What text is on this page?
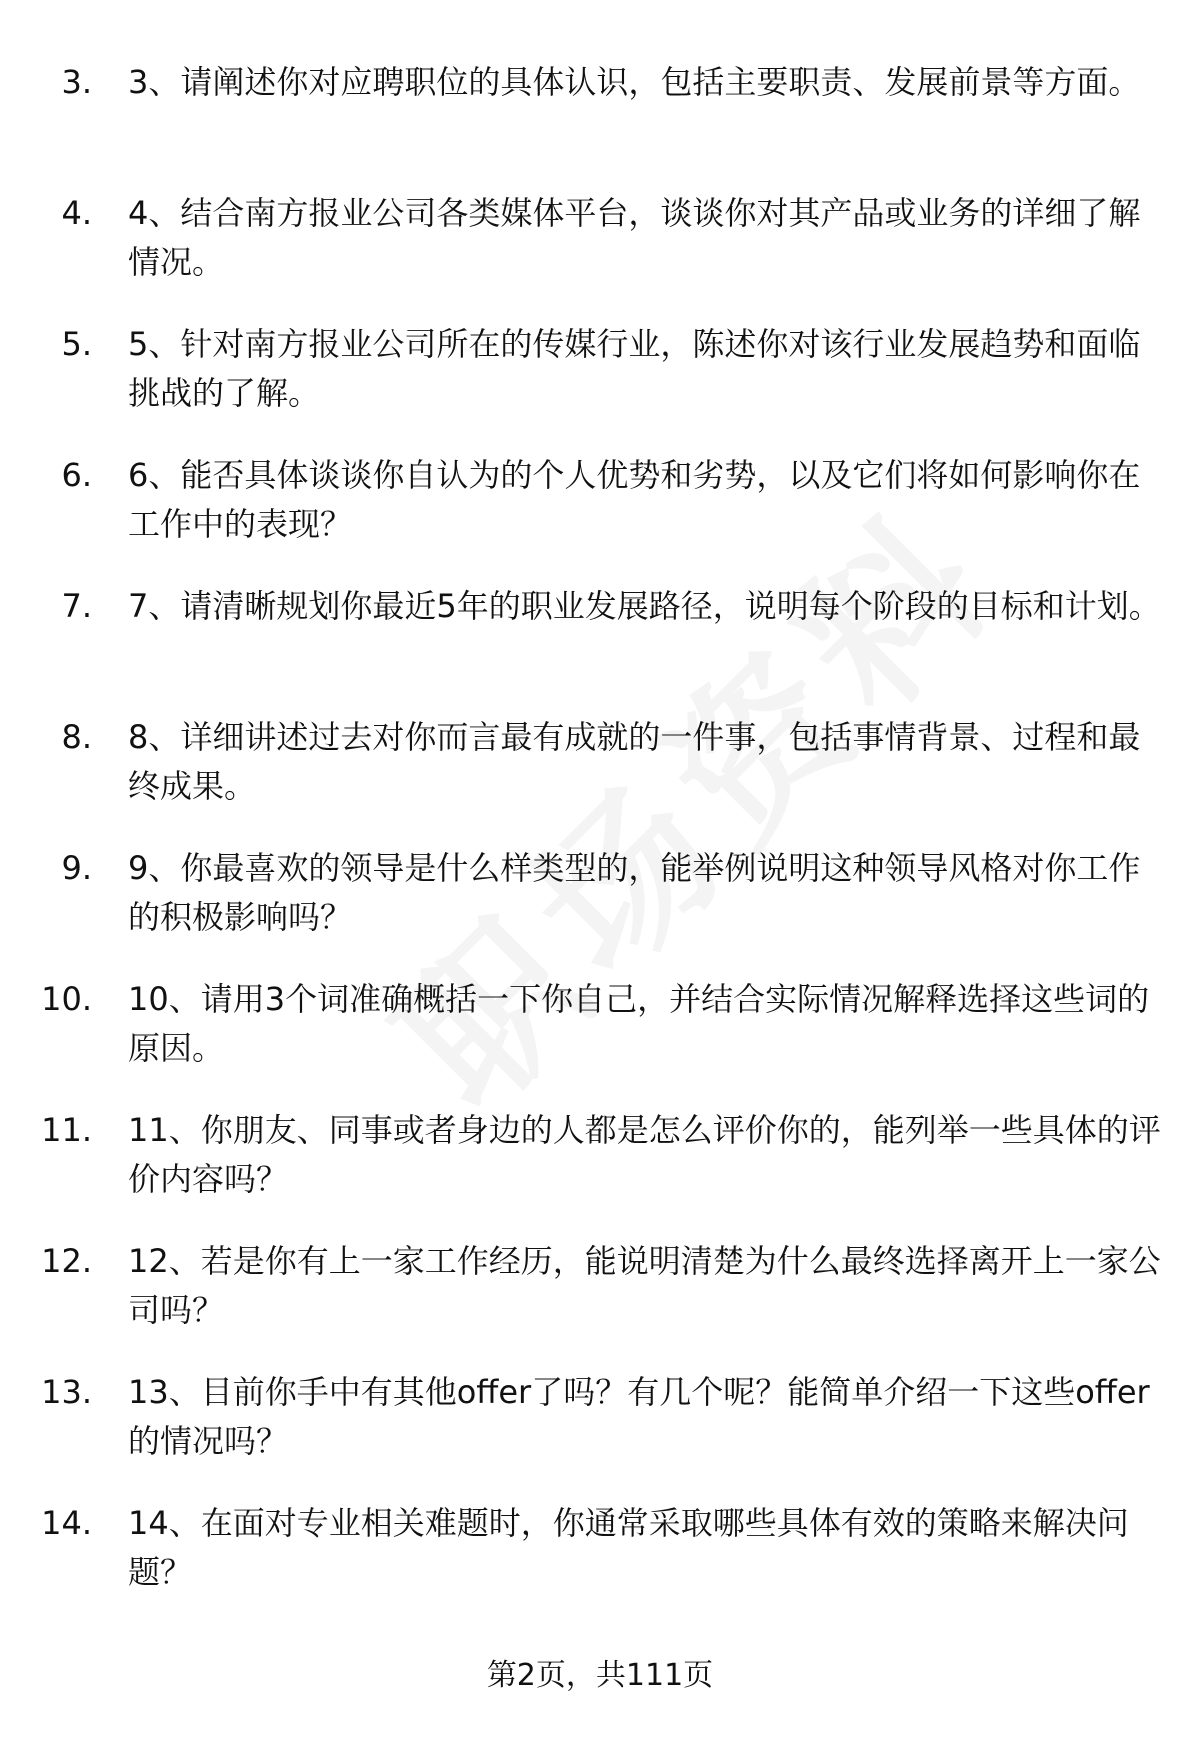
3. 3、请阐述你对应聘职位的具体认识，包括主要职责、发展前景等方面。
4. 4、结合南方报业公司各类媒体平台，谈谈你对其产品或业务的详细了解情况。
5. 5、针对南方报业公司所在的传媒行业，陈述你对该行业发展趋势和面临挑战的了解。
6. 6、能否具体谈谈你自认为的个人优势和劣势，以及它们将如何影响你在工作中的表现？
7. 7、请清晰规划你最近5年的职业发展路径，说明每个阶段的目标和计划。
8. 8、详细讲述过去对你而言最有成就的一件事，包括事情背景、过程和最终成果。
9. 9、你最喜欢的领导是什么样类型的，能举例说明这种领导风格对你工作的积极影响吗？
10. 10、请用3个词准确概括一下你自己，并结合实际情况解释选择这些词的原因。
11. 11、你朋友、同事或者身边的人都是怎么评价你的，能列举一些具体的评价内容吗？
12. 12、若是你有上一家工作经历，能说明清楚为什么最终选择离开上一家公司吗？
13. 13、目前你手中有其他offer了吗？有几个呢？能简单介绍一下这些offer的情况吗？
14. 14、在面对专业相关难题时，你通常采取哪些具体有效的策略来解决问题？
第2页，共111页
